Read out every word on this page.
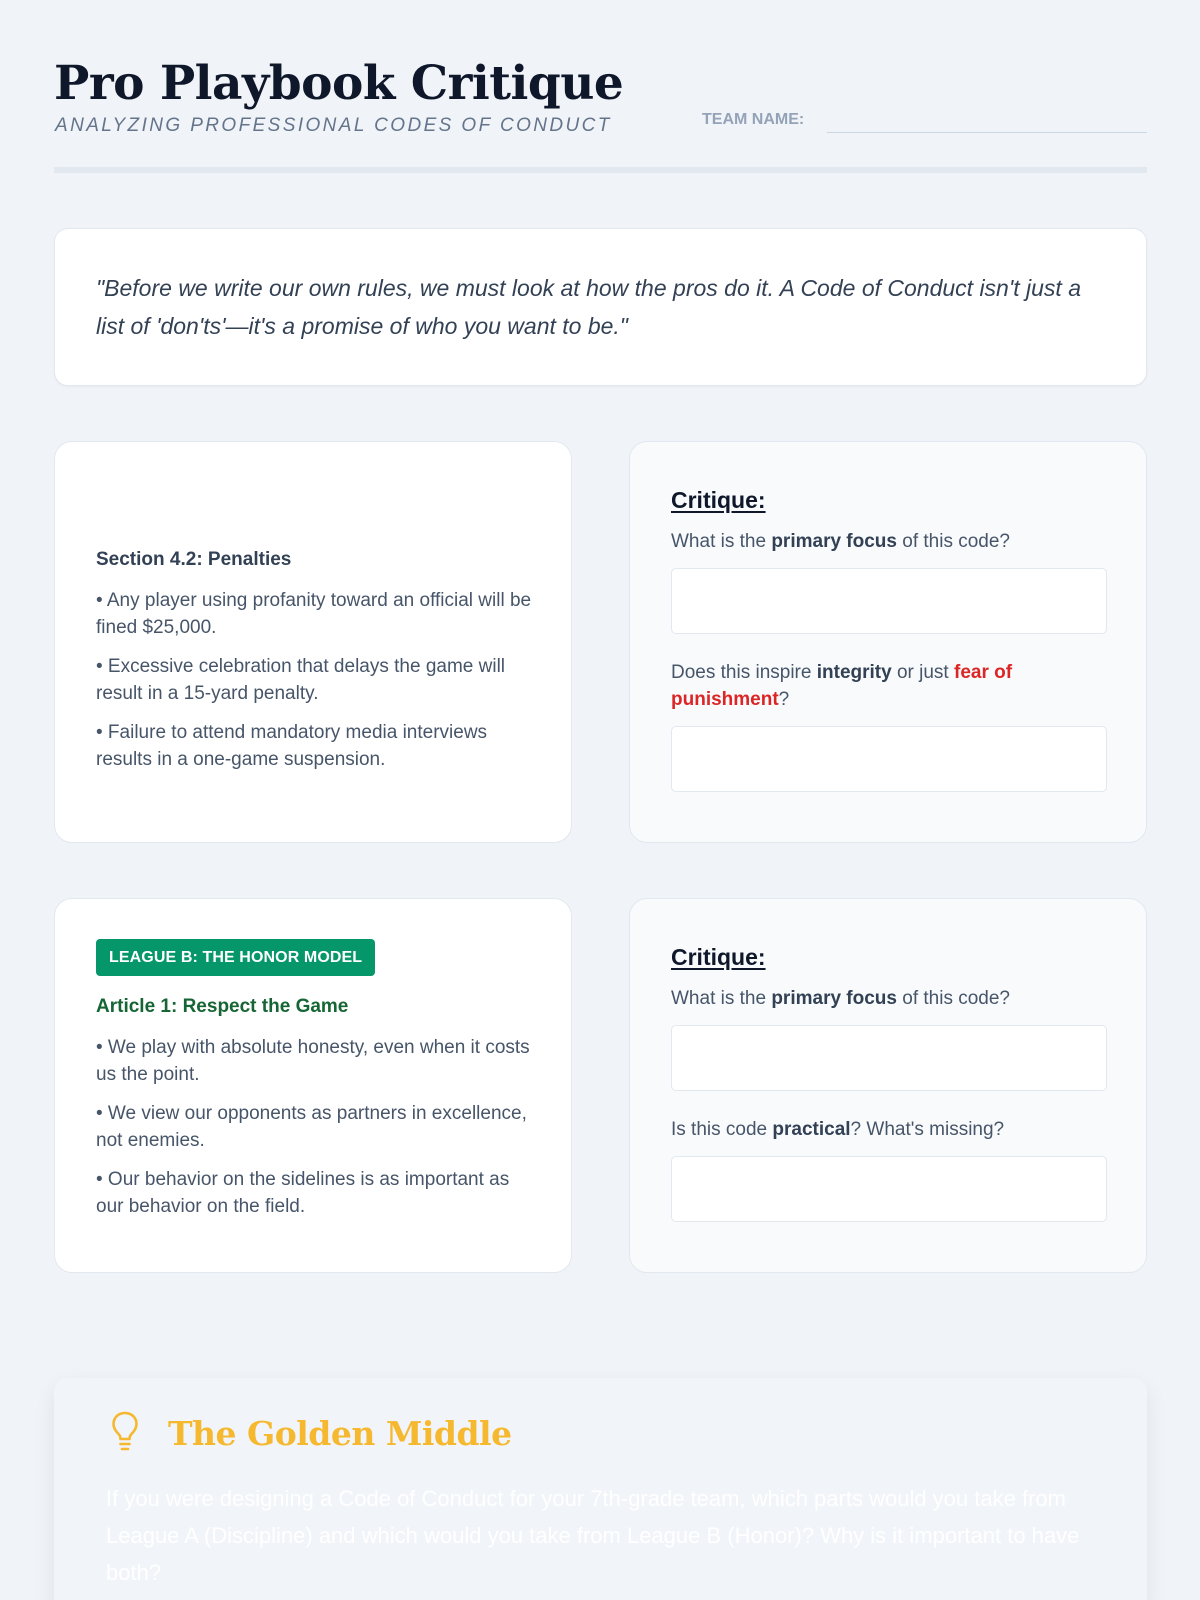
Pro Playbook Critique
ANALYZING PROFESSIONAL CODES OF CONDUCT	TEAM NAME:

"Before we write our own rules, we must look at how the pros do it. A Code of Conduct isn't just a list of 'don'ts'—it's a promise of who you want to be."

Section 4.2: Penalties

• Any player using profanity toward an official will be fined $25,000.

• Excessive celebration that delays the game will result in a 15-yard penalty.

• Failure to attend mandatory media interviews results in a one-game suspension.

Critique:

What is the primary focus of this code?

Does this inspire integrity or just fear of punishment?

LEAGUE B: THE HONOR MODEL
Article 1: Respect the Game

• We play with absolute honesty, even when it costs us the point.

• We view our opponents as partners in excellence, not enemies.

• Our behavior on the sidelines is as important as our behavior on the field.

Critique:

What is the primary focus of this code?

Is this code practical? What's missing?

The Golden Middle

If you were designing a Code of Conduct for your 7th-grade team, which parts would you take from League A (Discipline) and which would you take from League B (Honor)? Why is it important to have both?
